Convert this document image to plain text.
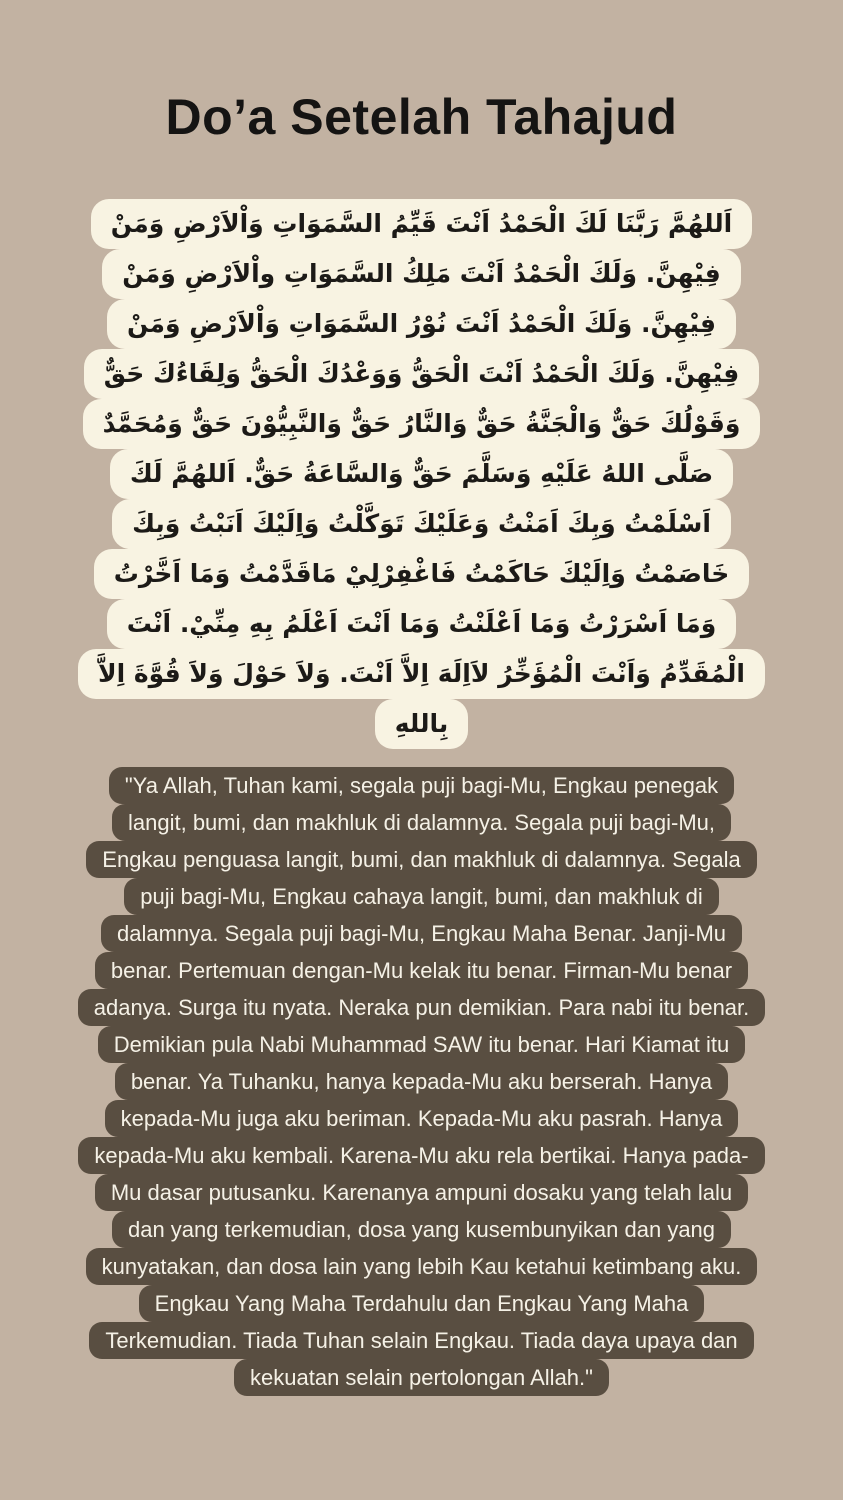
Do’a Setelah Tahajud
اَللهُمَّ رَبَّنَا لَكَ الْحَمْدُ اَنْتَ قَيِّمُ السَّمَوَاتِ وَاْلاَرْضِ وَمَنْ
فِيْهِنَّ. وَلَكَ الْحَمْدُ اَنْتَ مَلِكُ السَّمَوَاتِ واْلاَرْضِ وَمَنْ
فِيْهِنَّ. وَلَكَ الْحَمْدُ اَنْتَ نُوْرُ السَّمَوَاتِ وَاْلاَرْضِ وَمَنْ
فِيْهِنَّ. وَلَكَ الْحَمْدُ اَنْتَ الْحَقُّ وَوَعْدُكَ الْحَقُّ وَلِقَاءُكَ حَقٌّ
وَقَوْلُكَ حَقٌّ وَالْجَنَّةُ حَقٌّ وَالنَّارُ حَقٌّ وَالنَّبِيُّوْنَ حَقٌّ وَمُحَمَّدٌ
صَلَّى اللهُ عَلَيْهِ وَسَلَّمَ حَقٌّ وَالسَّاعَةُ حَقٌّ. اَللهُمَّ لَكَ
اَسْلَمْتُ وَبِكَ اَمَنْتُ وَعَلَيْكَ تَوَكَّلْتُ وَاِلَيْكَ اَنَبْتُ وَبِكَ
خَاصَمْتُ وَاِلَيْكَ حَاكَمْتُ فَاغْفِرْلِيْ مَاقَدَّمْتُ وَمَا اَخَّرْتُ
وَمَا اَسْرَرْتُ وَمَا اَعْلَنْتُ وَمَا اَنْتَ اَعْلَمُ بِهِ مِنِّيْ. اَنْتَ
الْمُقَدِّمُ وَاَنْتَ الْمُؤَخِّرُ لاَاِلَهَ اِلاَّ اَنْتَ. وَلاَ حَوْلَ وَلاَ قُوَّةَ اِلاَّ
بِاللهِ
"Ya Allah, Tuhan kami, segala puji bagi-Mu, Engkau penegak
langit, bumi, dan makhluk di dalamnya. Segala puji bagi-Mu,
Engkau penguasa langit, bumi, dan makhluk di dalamnya. Segala
puji bagi-Mu, Engkau cahaya langit, bumi, dan makhluk di
dalamnya. Segala puji bagi-Mu, Engkau Maha Benar. Janji-Mu
benar. Pertemuan dengan-Mu kelak itu benar. Firman-Mu benar
adanya. Surga itu nyata. Neraka pun demikian. Para nabi itu benar.
Demikian pula Nabi Muhammad SAW itu benar. Hari Kiamat itu
benar. Ya Tuhanku, hanya kepada-Mu aku berserah. Hanya
kepada-Mu juga aku beriman. Kepada-Mu aku pasrah. Hanya
kepada-Mu aku kembali. Karena-Mu aku rela bertikai. Hanya pada-
Mu dasar putusanku. Karenanya ampuni dosaku yang telah lalu
dan yang terkemudian, dosa yang kusembunyikan dan yang
kunyatakan, dan dosa lain yang lebih Kau ketahui ketimbang aku.
Engkau Yang Maha Terdahulu dan Engkau Yang Maha
Terkemudian. Tiada Tuhan selain Engkau. Tiada daya upaya dan
kekuatan selain pertolongan Allah."
